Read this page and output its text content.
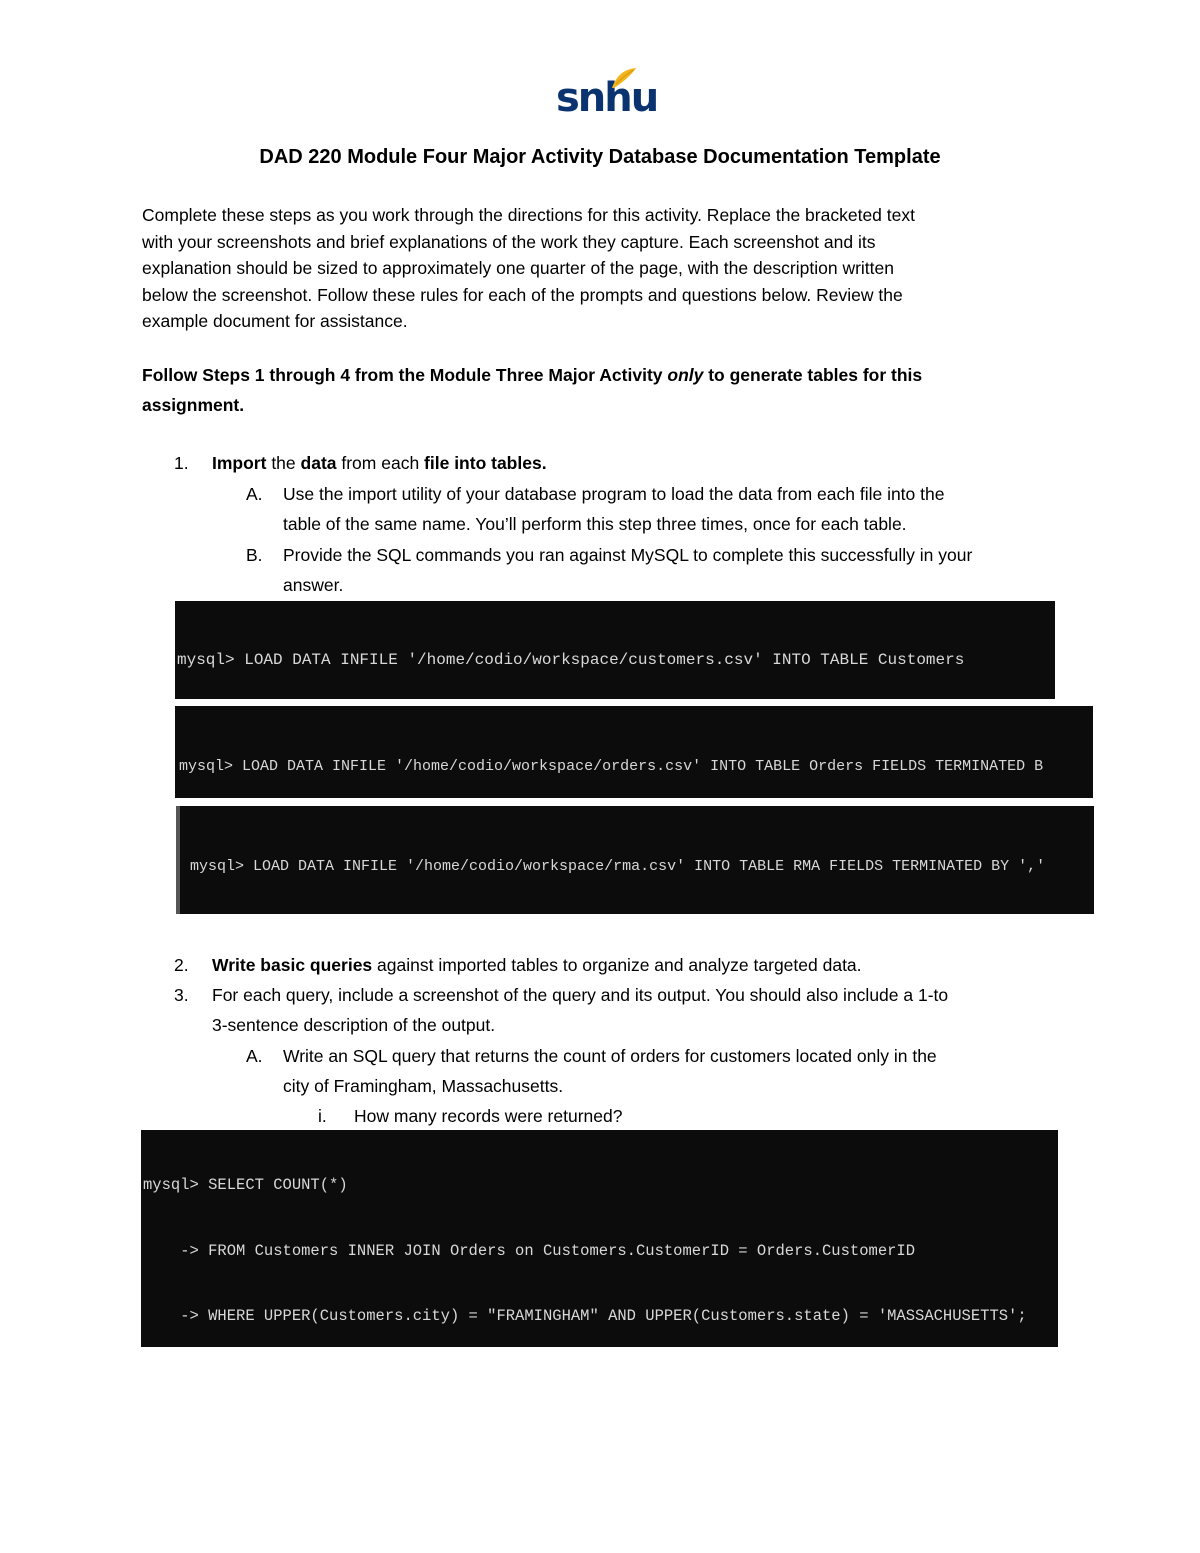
snhu
DAD 220 Module Four Major Activity Database Documentation Template
Complete these steps as you work through the directions for this activity. Replace the bracketed text
with your screenshots and brief explanations of the work they capture. Each screenshot and its
explanation should be sized to approximately one quarter of the page, with the description written
below the screenshot. Follow these rules for each of the prompts and questions below. Review the
example document for assistance.
Follow Steps 1 through 4 from the Module Three Major Activity only to generate tables for this
assignment.
1. Import the data from each file into tables.
A. Use the import utility of your database program to load the data from each file into the
table of the same name. You’ll perform this step three times, once for each table.
B. Provide the SQL commands you ran against MySQL to complete this successfully in your
answer.

mysql> LOAD DATA INFILE '/home/codio/workspace/customers.csv' INTO TABLE Customers

mysql> LOAD DATA INFILE '/home/codio/workspace/orders.csv' INTO TABLE Orders FIELDS TERMINATED B

mysql> LOAD DATA INFILE '/home/codio/workspace/rma.csv' INTO TABLE RMA FIELDS TERMINATED BY ','

2. Write basic queries against imported tables to organize and analyze targeted data.
3. For each query, include a screenshot of the query and its output. You should also include a 1-to
3-sentence description of the output.
A. Write an SQL query that returns the count of orders for customers located only in the
city of Framingham, Massachusetts.
i. How many records were returned?

mysql> SELECT COUNT(*)

-> FROM Customers INNER JOIN Orders on Customers.CustomerID = Orders.CustomerID

-> WHERE UPPER(Customers.city) = "FRAMINGHAM" AND UPPER(Customers.state) = 'MASSACHUSETTS';
